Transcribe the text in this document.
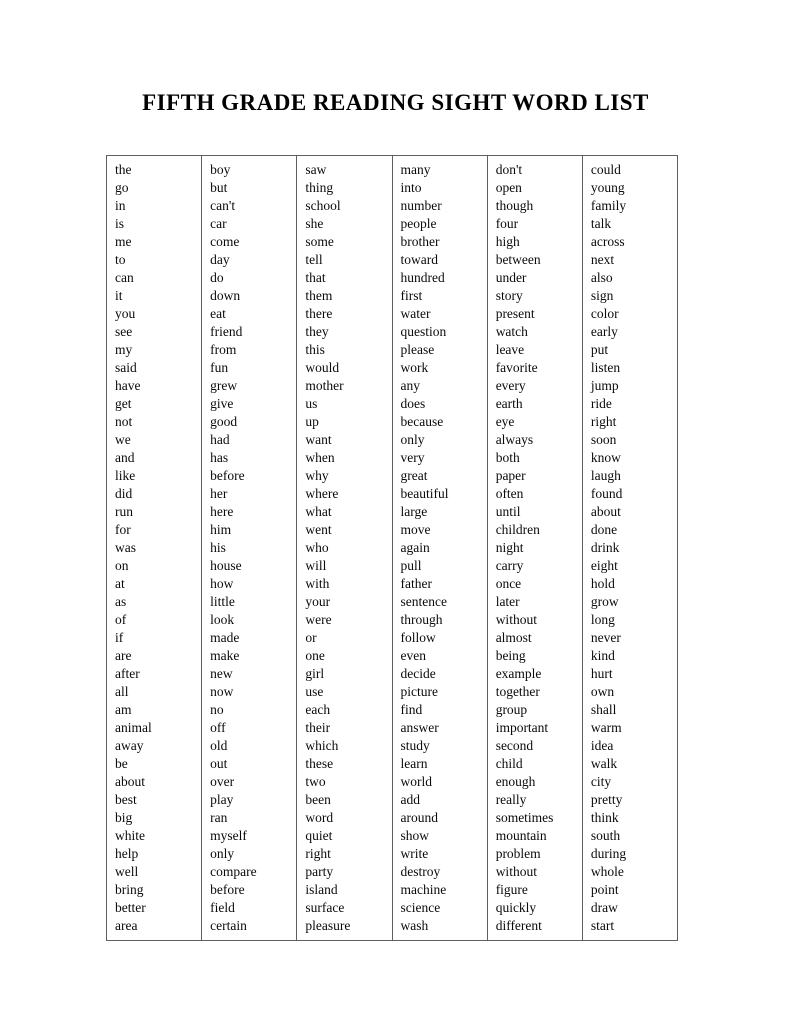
FIFTH GRADE READING SIGHT WORD LIST
the
go
in
is
me
to
can
it
you
see
my
said
have
get
not
we
and
like
did
run
for
was
on
at
as
of
if
are
after
all
am
animal
away
be
about
best
big
white
help
well
bring
better
area
boy
but
can't
car
come
day
do
down
eat
friend
from
fun
grew
give
good
had
has
before
her
here
him
his
house
how
little
look
made
make
new
now
no
off
old
out
over
play
ran
myself
only
compare
before
field
certain
saw
thing
school
she
some
tell
that
them
there
they
this
would
mother
us
up
want
when
why
where
what
went
who
will
with
your
were
or
one
girl
use
each
their
which
these
two
been
word
quiet
right
party
island
surface
pleasure
many
into
number
people
brother
toward
hundred
first
water
question
please
work
any
does
because
only
very
great
beautiful
large
move
again
pull
father
sentence
through
follow
even
decide
picture
find
answer
study
learn
world
add
around
show
write
destroy
machine
science
wash
don't
open
though
four
high
between
under
story
present
watch
leave
favorite
every
earth
eye
always
both
paper
often
until
children
night
carry
once
later
without
almost
being
example
together
group
important
second
child
enough
really
sometimes
mountain
problem
without
figure
quickly
different
could
young
family
talk
across
next
also
sign
color
early
put
listen
jump
ride
right
soon
know
laugh
found
about
done
drink
eight
hold
grow
long
never
kind
hurt
own
shall
warm
idea
walk
city
pretty
think
south
during
whole
point
draw
start
